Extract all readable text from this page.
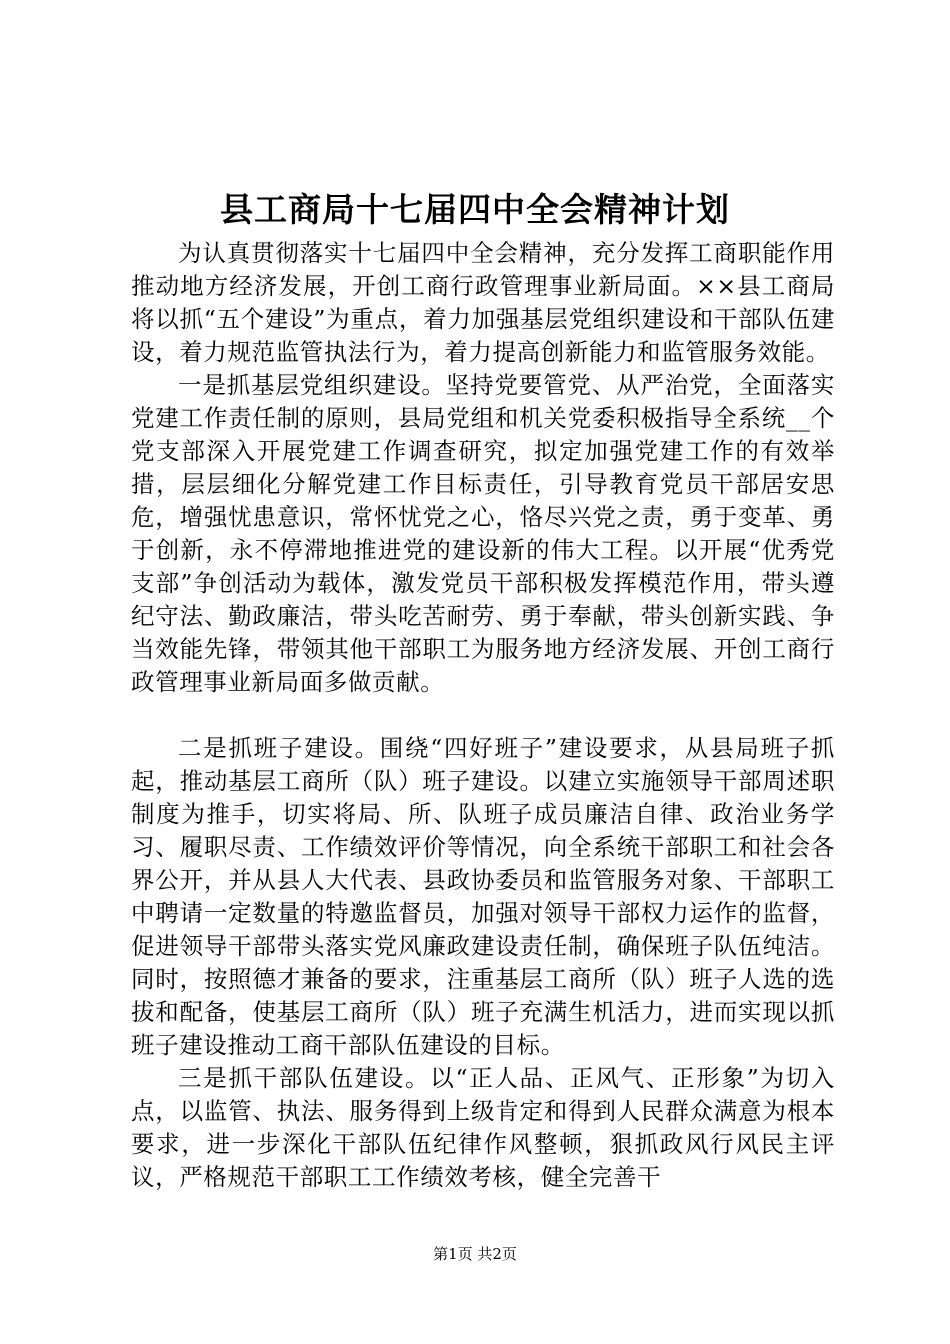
县工商局十七届四中全会精神计划

为认真贯彻落实十七届四中全会精神，充分发挥工商职能作用推动地方经济发展，开创工商行政管理事业新局面。××县工商局将以抓“五个建设”为重点，着力加强基层党组织建设和干部队伍建设，着力规范监管执法行为，着力提高创新能力和监管服务效能。

一是抓基层党组织建设。坚持党要管党、从严治党，全面落实党建工作责任制的原则，县局党组和机关党委积极指导全系统__个党支部深入开展党建工作调查研究，拟定加强党建工作的有效举措，层层细化分解党建工作目标责任，引导教育党员干部居安思危，增强忧患意识，常怀忧党之心，恪尽兴党之责，勇于变革、勇于创新，永不停滞地推进党的建设新的伟大工程。以开展“优秀党支部”争创活动为载体，激发党员干部积极发挥模范作用，带头遵纪守法、勤政廉洁，带头吃苦耐劳、勇于奉献，带头创新实践、争当效能先锋，带领其他干部职工为服务地方经济发展、开创工商行政管理事业新局面多做贡献。

二是抓班子建设。围绕“四好班子”建设要求，从县局班子抓起，推动基层工商所（队）班子建设。以建立实施领导干部周述职制度为推手，切实将局、所、队班子成员廉洁自律、政治业务学习、履职尽责、工作绩效评价等情况，向全系统干部职工和社会各界公开，并从县人大代表、县政协委员和监管服务对象、干部职工中聘请一定数量的特邀监督员，加强对领导干部权力运作的监督，促进领导干部带头落实党风廉政建设责任制，确保班子队伍纯洁。同时，按照德才兼备的要求，注重基层工商所（队）班子人选的选拔和配备，使基层工商所（队）班子充满生机活力，进而实现以抓班子建设推动工商干部队伍建设的目标。

三是抓干部队伍建设。以“正人品、正风气、正形象”为切入点，以监管、执法、服务得到上级肯定和得到人民群众满意为根本要求，进一步深化干部队伍纪律作风整顿，狠抓政风行风民主评议，严格规范干部职工工作绩效考核，健全完善干

第1页 共2页
